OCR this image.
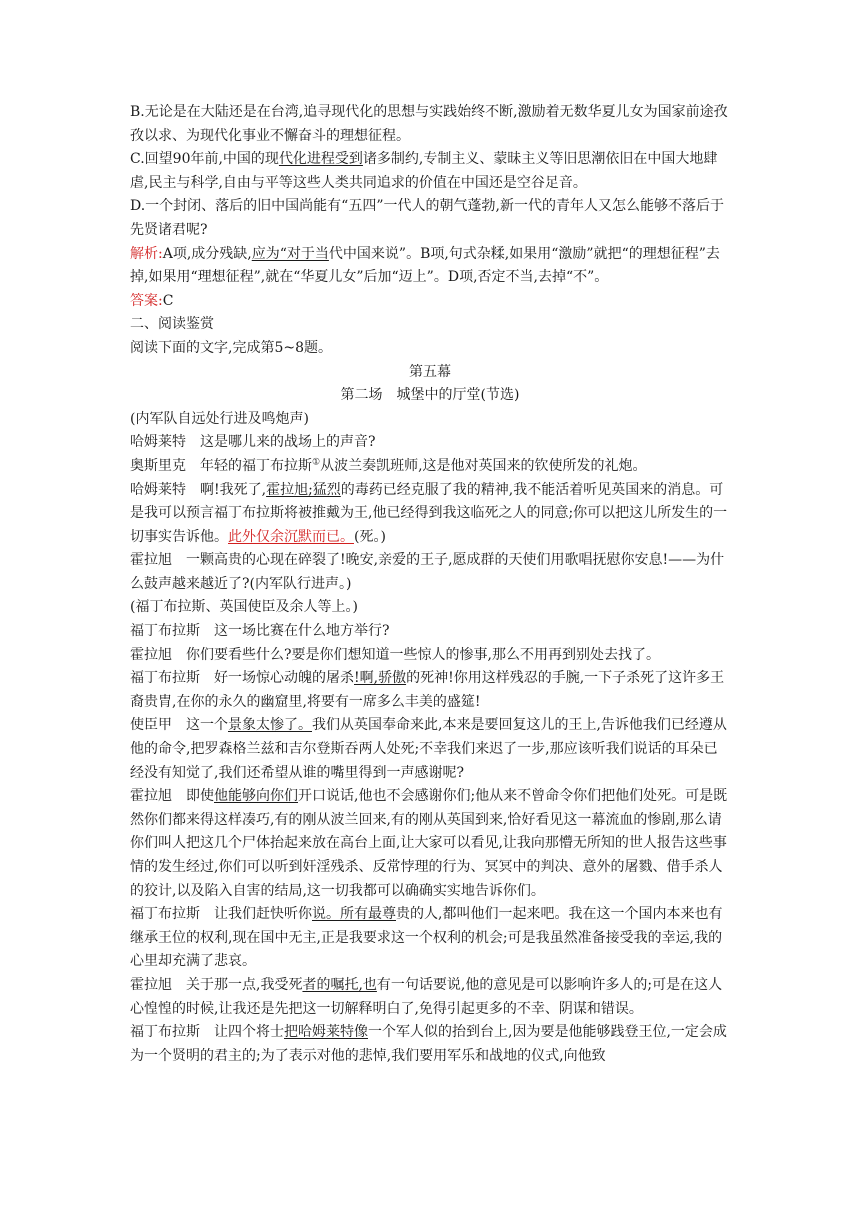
B.无论是在大陆还是在台湾,追寻现代化的思想与实践始终不断,激励着无数华夏儿女为国家前途孜孜以求、为现代化事业不懈奋斗的理想征程。

C.回望90年前,中国的现代化进程受到诸多制约,专制主义、蒙昧主义等旧思潮依旧在中国大地肆虐,民主与科学,自由与平等这些人类共同追求的价值在中国还是空谷足音。

D.一个封闭、落后的旧中国尚能有“五四”一代人的朝气蓬勃,新一代的青年人又怎么能够不落后于先贤诸君呢?

解析:A项,成分残缺,应为“对于当代中国来说”。B项,句式杂糅,如果用“激励”就把“的理想征程”去掉,如果用“理想征程”,就在“华夏儿女”后加“迈上”。D项,否定不当,去掉“不”。

答案:C

二、阅读鉴赏

阅读下面的文字,完成第5~8题。

第五幕

第二场　城堡中的厅堂(节选)

(内军队自远处行进及鸣炮声)

哈姆莱特 这是哪儿来的战场上的声音?

奥斯里克 年轻的福丁布拉斯①从波兰奏凯班师,这是他对英国来的钦使所发的礼炮。

哈姆莱特 啊!我死了,霍拉旭;猛烈的毒药已经克服了我的精神,我不能活着听见英国来的消息。可是我可以预言福丁布拉斯将被推戴为王,他已经得到我这临死之人的同意;你可以把这儿所发生的一切事实告诉他。此外仅余沉默而已。(死。)

霍拉旭 一颗高贵的心现在碎裂了!晚安,亲爱的王子,愿成群的天使们用歌唱抚慰你安息!——为什么鼓声越来越近了?(内军队行进声。)

(福丁布拉斯、英国使臣及余人等上。)

福丁布拉斯 这一场比赛在什么地方举行?

霍拉旭 你们要看些什么?要是你们想知道一些惊人的惨事,那么不用再到别处去找了。

福丁布拉斯 好一场惊心动魄的屠杀!啊,骄傲的死神!你用这样残忍的手腕,一下子杀死了这许多王裔贵胄,在你的永久的幽窟里,将要有一席多么丰美的盛筵!

使臣甲 这一个景象太惨了。我们从英国奉命来此,本来是要回复这儿的王上,告诉他我们已经遵从他的命令,把罗森格兰兹和吉尔登斯吞两人处死;不幸我们来迟了一步,那应该听我们说话的耳朵已经没有知觉了,我们还希望从谁的嘴里得到一声感谢呢?

霍拉旭 即使他能够向你们开口说话,他也不会感谢你们;他从来不曾命令你们把他们处死。可是既然你们都来得这样凑巧,有的刚从波兰回来,有的刚从英国到来,恰好看见这一幕流血的惨剧,那么请你们叫人把这几个尸体抬起来放在高台上面,让大家可以看见,让我向那懵无所知的世人报告这些事情的发生经过,你们可以听到奸淫残杀、反常悖理的行为、冥冥中的判决、意外的屠戮、借手杀人的狡计,以及陷入自害的结局,这一切我都可以确确实实地告诉你们。

福丁布拉斯 让我们赶快听你说。所有最尊贵的人,都叫他们一起来吧。我在这一个国内本来也有继承王位的权利,现在国中无主,正是我要求这一个权利的机会;可是我虽然准备接受我的幸运,我的心里却充满了悲哀。

霍拉旭 关于那一点,我受死者的嘱托,也有一句话要说,他的意见是可以影响许多人的;可是在这人心惶惶的时候,让我还是先把这一切解释明白了,免得引起更多的不幸、阴谋和错误。

福丁布拉斯 让四个将士把哈姆莱特像一个军人似的抬到台上,因为要是他能够践登王位,一定会成为一个贤明的君主的;为了表示对他的悲悼,我们要用军乐和战地的仪式,向他致
